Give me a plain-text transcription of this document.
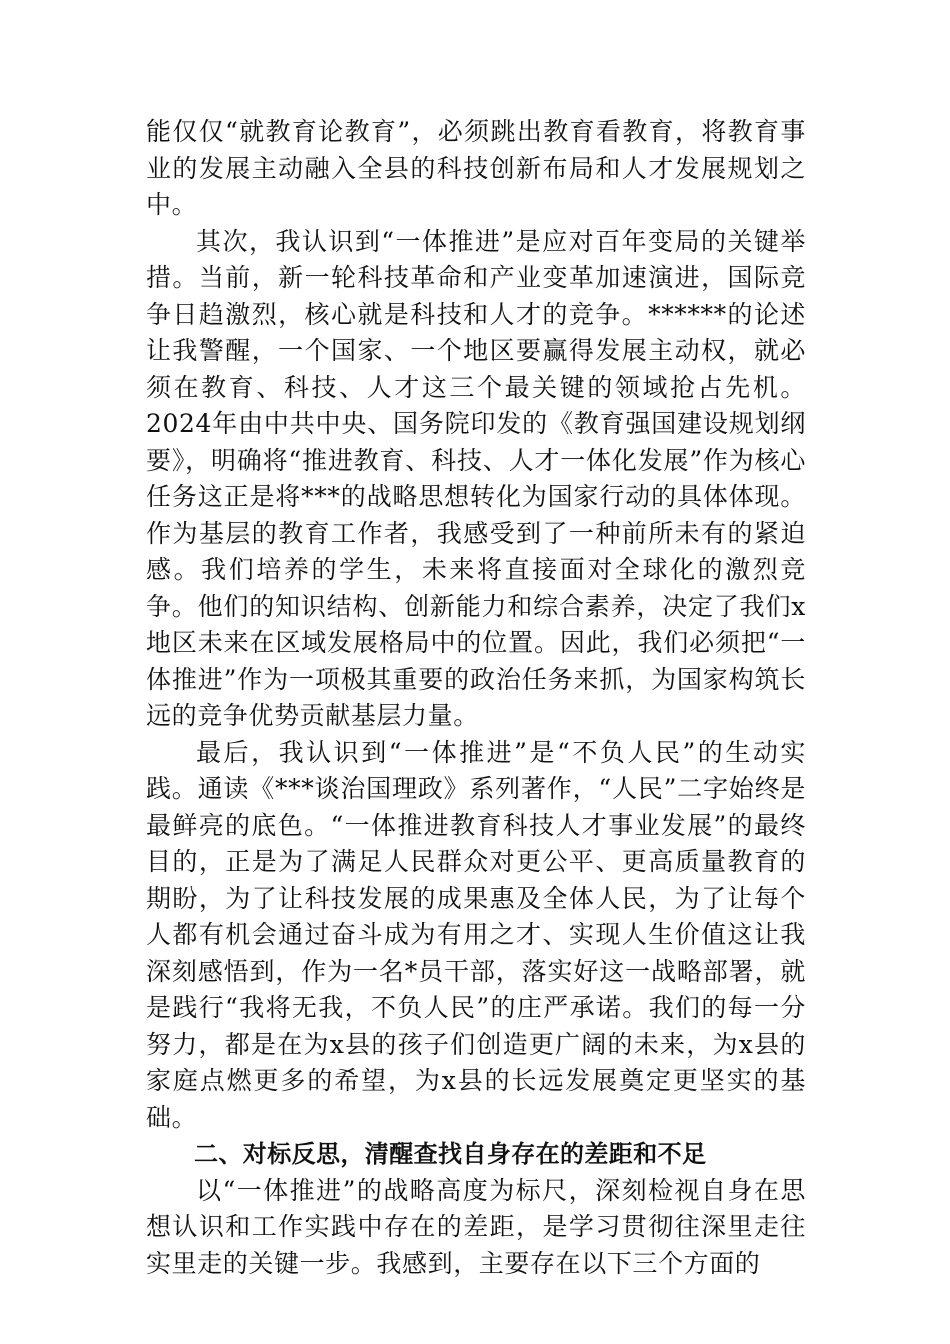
能仅仅“就教育论教育”，必须跳出教育看教育，将教育事业的发展主动融入全县的科技创新布局和人才发展规划之中。

其次，我认识到“一体推进”是应对百年变局的关键举措。当前，新一轮科技革命和产业变革加速演进，国际竞争日趋激烈，核心就是科技和人才的竞争。******的论述让我警醒，一个国家、一个地区要赢得发展主动权，就必须在教育、科技、人才这三个最关键的领域抢占先机。2024年由中共中央、国务院印发的《教育强国建设规划纲要》，明确将“推进教育、科技、人才一体化发展”作为核心任务这正是将***的战略思想转化为国家行动的具体体现。作为基层的教育工作者，我感受到了一种前所未有的紧迫感。我们培养的学生，未来将直接面对全球化的激烈竞争。他们的知识结构、创新能力和综合素养，决定了我们x地区未来在区域发展格局中的位置。因此，我们必须把“一体推进”作为一项极其重要的政治任务来抓，为国家构筑长远的竞争优势贡献基层力量。

最后，我认识到“一体推进”是“不负人民”的生动实践。通读《***谈治国理政》系列著作，“人民”二字始终是最鲜亮的底色。“一体推进教育科技人才事业发展”的最终目的，正是为了满足人民群众对更公平、更高质量教育的期盼，为了让科技发展的成果惠及全体人民，为了让每个人都有机会通过奋斗成为有用之才、实现人生价值这让我深刻感悟到，作为一名*员干部，落实好这一战略部署，就是践行“我将无我，不负人民”的庄严承诺。我们的每一分努力，都是在为x县的孩子们创造更广阔的未来，为x县的家庭点燃更多的希望，为x县的长远发展奠定更坚实的基础。

二、对标反思，清醒查找自身存在的差距和不足

以“一体推进”的战略高度为标尺，深刻检视自身在思想认识和工作实践中存在的差距，是学习贯彻往深里走往实里走的关键一步。我感到，主要存在以下三个方面的
